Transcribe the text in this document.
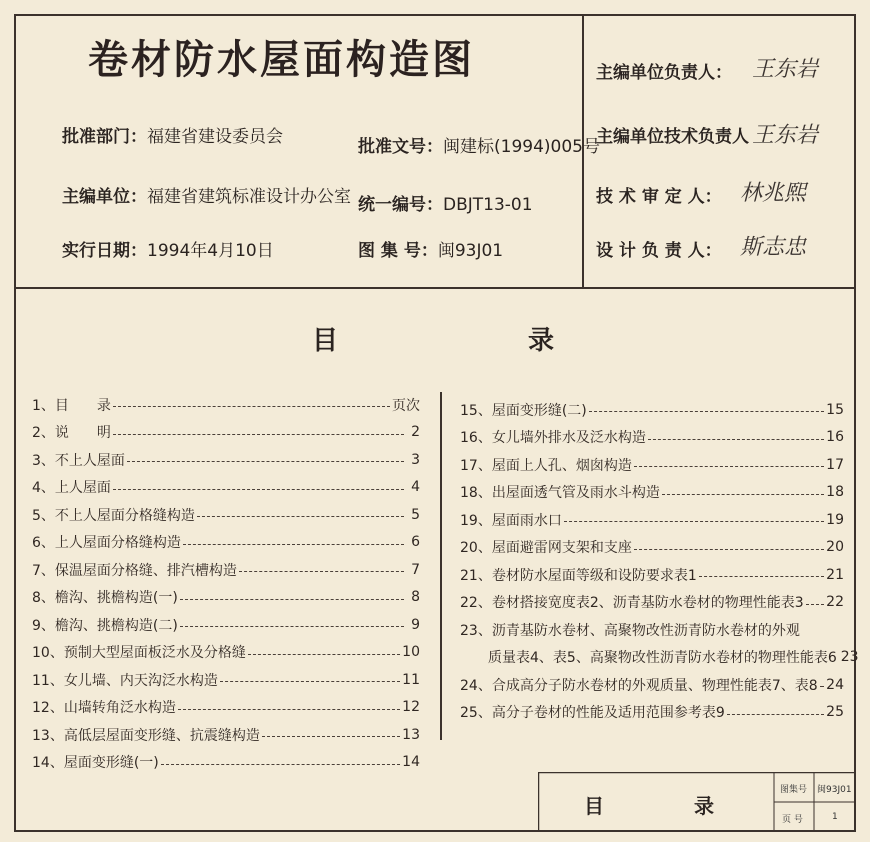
卷材防水屋面构造图
批准部门：福建省建设委员会	批准文号：闽建标(1994)005号
主编单位：福建省建筑标准设计办公室 统一编号：DBJT13-01
实行日期：1994年4月10日	图 集 号：闽93J01
主编单位负责人： 王东岩
主编单位技术负责人 王东岩
技 术 审 定 人： 林兆熙
设 计 负 责 人： 斯志忠
目	录
1、目　　录	页次
2、说　　明	2
3、不上人屋面	3
4、上人屋面	4
5、不上人屋面分格缝构造	5
6、上人屋面分格缝构造	6
7、保温屋面分格缝、排汽槽构造	7
8、檐沟、挑檐构造(一)	8
9、檐沟、挑檐构造(二)	9
10、预制大型屋面板泛水及分格缝	10
11、女儿墙、内天沟泛水构造	11
12、山墙转角泛水构造	12
13、高低层屋面变形缝、抗震缝构造	13
14、屋面变形缝(一)	14
15、屋面变形缝(二)	15
16、女儿墙外排水及泛水构造	16
17、屋面上人孔、烟囱构造	17
18、出屋面透气管及雨水斗构造	18
19、屋面雨水口	19
20、屋面避雷网支架和支座	20
21、卷材防水屋面等级和设防要求表1	21
22、卷材搭接宽度表2、沥青基防水卷材的物理性能表3 22
23、沥青基防水卷材、高聚物改性沥青防水卷材的外观
　　质量表4、表5、高聚物改性沥青防水卷材的物理性能表6 23
24、合成高分子防水卷材的外观质量、物理性能表7、表8 24
25、高分子卷材的性能及适用范围参考表9	25
目	录
图集号 闽93J01
页 号	1
